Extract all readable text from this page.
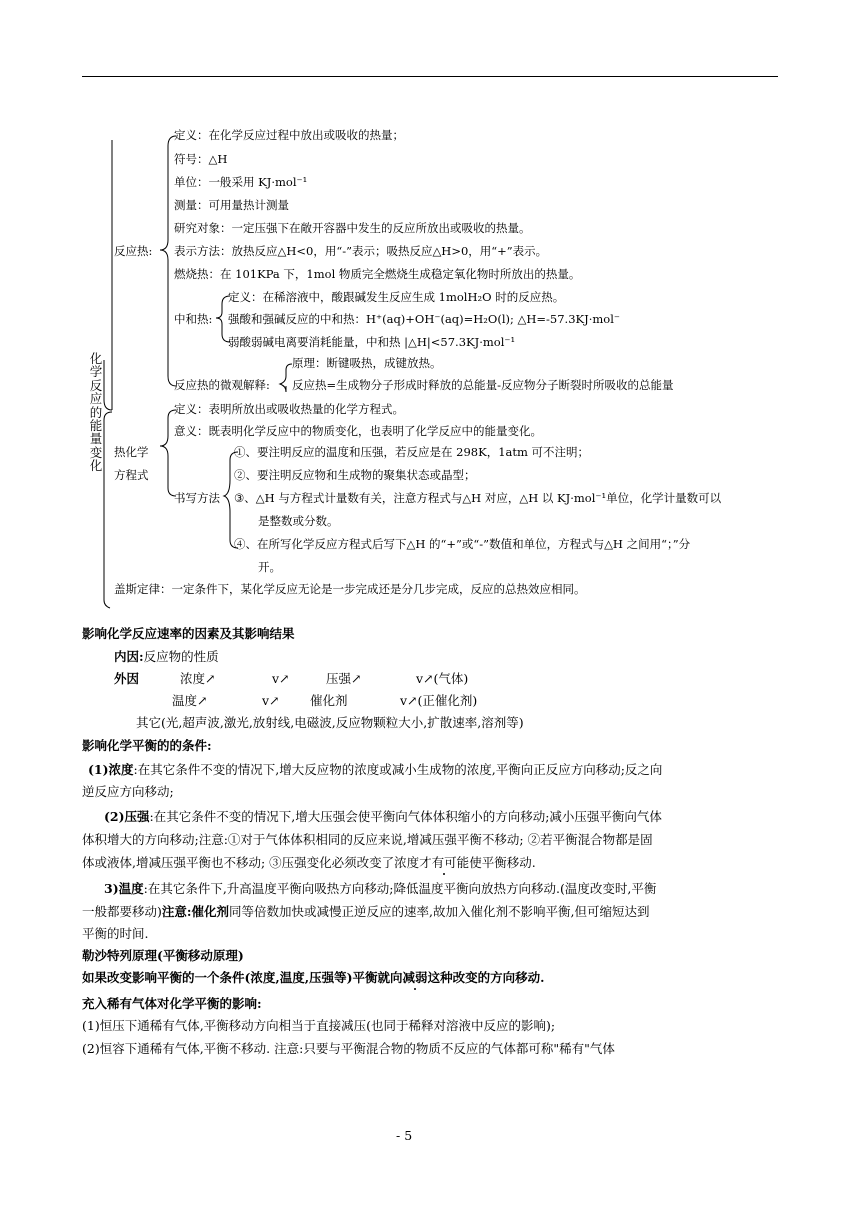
化
学
反
应
的
能
量
变
化
定义：在化学反应过程中放出或吸收的热量；
符号：△H
单位：一般采用 KJ·mol⁻¹
测量：可用量热计测量
研究对象：一定压强下在敞开容器中发生的反应所放出或吸收的热量。
反应热: 表示方法：放热反应△H<0，用“-”表示；吸热反应△H>0，用“+”表示。
燃烧热：在 101KPa 下，1mol 物质完全燃烧生成稳定氧化物时所放出的热量。
定义：在稀溶液中，酸跟碱发生反应生成 1molH₂O 时的反应热。
中和热: 强酸和强碱反应的中和热：H⁺(aq)+OH⁻(aq)=H₂O(l); △H=-57.3KJ·mol⁻
弱酸弱碱电离要消耗能量，中和热 |△H|<57.3KJ·mol⁻¹
原理：断键吸热，成键放热。
反应热的微观解释: 反应热=生成物分子形成时释放的总能量-反应物分子断裂时所吸收的总能量
定义：表明所放出或吸收热量的化学方程式。
意义：既表明化学反应中的物质变化，也表明了化学反应中的能量变化。
热化学
方程式
①、要注明反应的温度和压强，若反应是在 298K，1atm 可不注明；
②、要注明反应物和生成物的聚集状态或晶型；
书写方法 ③、△H 与方程式计量数有关，注意方程式与△H 对应，△H 以 KJ·mol⁻¹单位，化学计量数可以
是整数或分数。
④、在所写化学反应方程式后写下△H 的“+”或“-”数值和单位，方程式与△H 之间用“；”分
开。
盖斯定律：一定条件下，某化学反应无论是一步完成还是分几步完成，反应的总热效应相同。
影响化学反应速率的因素及其影响结果
内因:反应物的性质
外因	浓度↗	v↗	压强↗	v↗(气体)
温度↗	v↗ 催化剂	v↗(正催化剂)
其它(光,超声波,激光,放射线,电磁波,反应物颗粒大小,扩散速率,溶剂等)
影响化学平衡的的条件:
(1)浓度:在其它条件不变的情况下,增大反应物的浓度或减小生成物的浓度,平衡向正反应方向移动;反之向
逆反应方向移动;
(2)压强:在其它条件不变的情况下,增大压强会使平衡向气体体积缩小的方向移动;减小压强平衡向气体
体积增大的方向移动;注意:①对于气体体积相同的反应来说,增减压强平衡不移动; ②若平衡混合物都是固
体或液体,增减压强平衡也不移动; ③压强变化必须改变了浓度才有可能使平衡移动.
3)温度:在其它条件下,升高温度平衡向吸热方向移动;降低温度平衡向放热方向移动.(温度改变时,平衡
一般都要移动)注意:催化剂同等倍数加快或减慢正逆反应的速率,故加入催化剂不影响平衡,但可缩短达到
平衡的时间.
勒沙特列原理(平衡移动原理)
如果改变影响平衡的一个条件(浓度,温度,压强等)平衡就向减弱这种改变的方向移动.
充入稀有气体对化学平衡的影响:
(1)恒压下通稀有气体,平衡移动方向相当于直接减压(也同于稀释对溶液中反应的影响);
(2)恒容下通稀有气体,平衡不移动. 注意:只要与平衡混合物的物质不反应的气体都可称"稀有"气体
- 5
